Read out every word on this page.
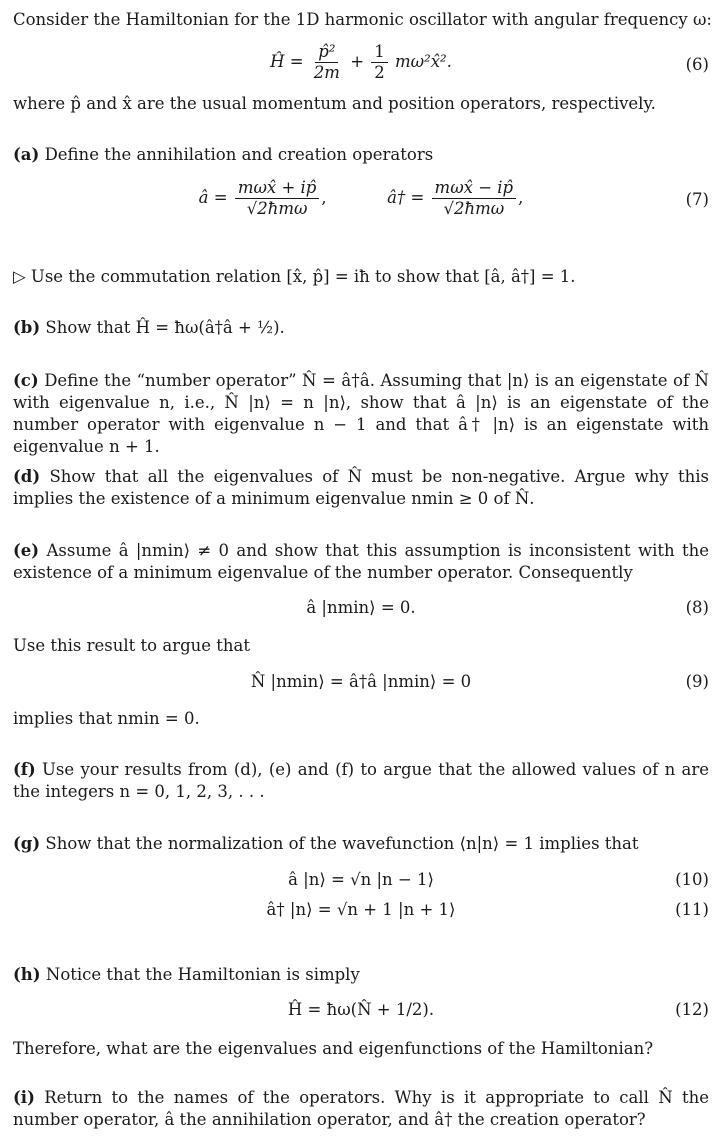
Consider the Hamiltonian for the 1D harmonic oscillator with angular frequency ω:
Ĥ = $\frac{\text{p̂²}}{2m} + \frac{1}{2}$ mω²x̂².	(6)
where p̂ and x̂ are the usual momentum and position operators, respectively.
(a) Define the annihilation and creation operators
â = $\frac{\text{mωx̂ + ip̂}}{\text{√2ħmω}}$ ,	â† = $\frac{\text{mωx̂ − ip̂}}{\text{√2ħmω}}$ ,	(7)
▷ Use the commutation relation [x̂, p̂] = iħ to show that [â, â†] = 1.
(b) Show that Ĥ = ħω(â†â + ½).
(c) Define the “number operator” N̂ = â†â. Assuming that |n⟩ is an eigenstate of N̂ with eigenvalue n, i.e., N̂ |n⟩ = n |n⟩, show that â |n⟩ is an eigenstate of the number operator with eigenvalue n − 1 and that â† |n⟩ is an eigenstate with eigenvalue n + 1.
(d) Show that all the eigenvalues of N̂ must be non-negative. Argue why this implies the existence of a minimum eigenvalue nmin ≥ 0 of N̂.
(e) Assume â |nmin⟩ ≠ 0 and show that this assumption is inconsistent with the existence of a minimum eigenvalue of the number operator. Consequently
â |nmin⟩ = 0.	(8)
Use this result to argue that
N̂ |nmin⟩ = â†â |nmin⟩ = 0	(9)
implies that nmin = 0.
(f) Use your results from (d), (e) and (f) to argue that the allowed values of n are the integers n = 0, 1, 2, 3, . . .
(g) Show that the normalization of the wavefunction ⟨n|n⟩ = 1 implies that
â |n⟩ = √n |n − 1⟩	(10)
â† |n⟩ = √n + 1 |n + 1⟩	(11)
(h) Notice that the Hamiltonian is simply
Ĥ = ħω(N̂ + 1/2).	(12)
Therefore, what are the eigenvalues and eigenfunctions of the Hamiltonian?
(i) Return to the names of the operators. Why is it appropriate to call N̂ the number operator, â the annihilation operator, and â† the creation operator?
